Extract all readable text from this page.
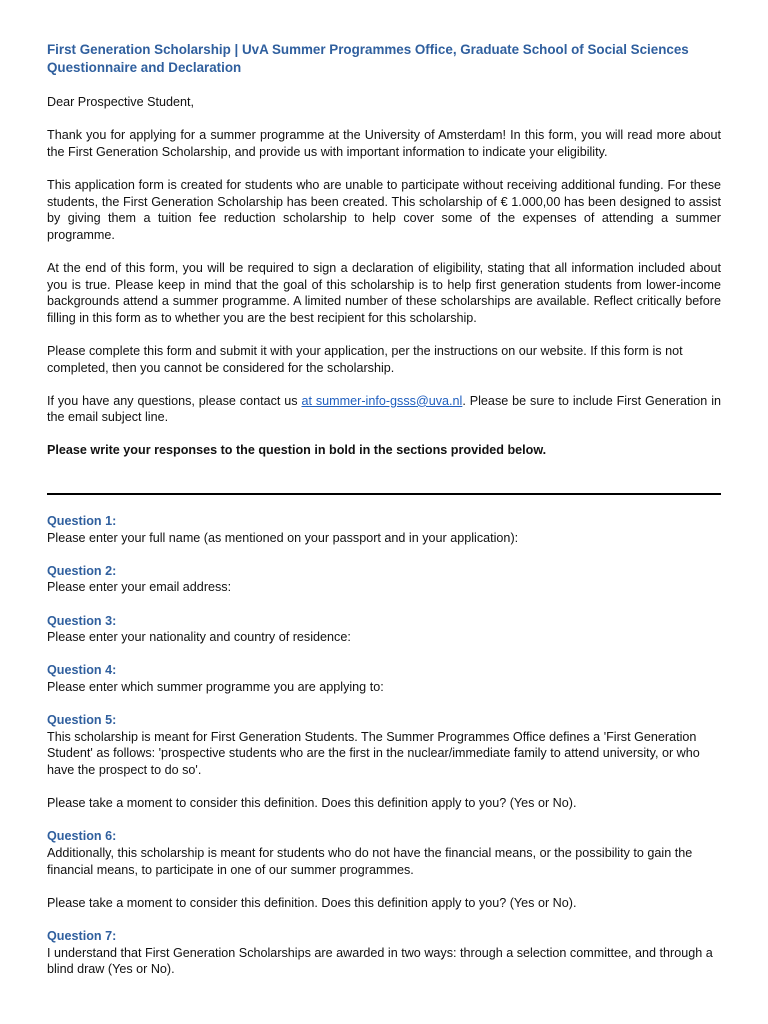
First Generation Scholarship | UvA Summer Programmes Office, Graduate School of Social Sciences

Questionnaire and Declaration

Dear Prospective Student,

Thank you for applying for a summer programme at the University of Amsterdam! In this form, you will read more about the First Generation Scholarship, and provide us with important information to indicate your eligibility.

This application form is created for students who are unable to participate without receiving additional funding. For these students, the First Generation Scholarship has been created. This scholarship of € 1.000,00 has been designed to assist by giving them a tuition fee reduction scholarship to help cover some of the expenses of attending a summer programme.

At the end of this form, you will be required to sign a declaration of eligibility, stating that all information included about you is true. Please keep in mind that the goal of this scholarship is to help first generation students from lower-income backgrounds attend a summer programme. A limited number of these scholarships are available. Reflect critically before filling in this form as to whether you are the best recipient for this scholarship.

Please complete this form and submit it with your application, per the instructions on our website. If this form is not completed, then you cannot be considered for the scholarship.

If you have any questions, please contact us at summer-info-gsss@uva.nl. Please be sure to include First Generation in the email subject line.

Please write your responses to the question in bold in the sections provided below.

Question 1:

Please enter your full name (as mentioned on your passport and in your application):

Question 2:

Please enter your email address:

Question 3:

Please enter your nationality and country of residence:

Question 4:

Please enter which summer programme you are applying to:

Question 5:

This scholarship is meant for First Generation Students. The Summer Programmes Office defines a 'First Generation Student' as follows: 'prospective students who are the first in the nuclear/immediate family to attend university, or who have the prospect to do so'.

Please take a moment to consider this definition. Does this definition apply to you? (Yes or No).

Question 6:

Additionally, this scholarship is meant for students who do not have the financial means, or the possibility to gain the financial means, to participate in one of our summer programmes.

Please take a moment to consider this definition. Does this definition apply to you? (Yes or No).

Question 7:

I understand that First Generation Scholarships are awarded in two ways: through a selection committee, and through a blind draw (Yes or No).
